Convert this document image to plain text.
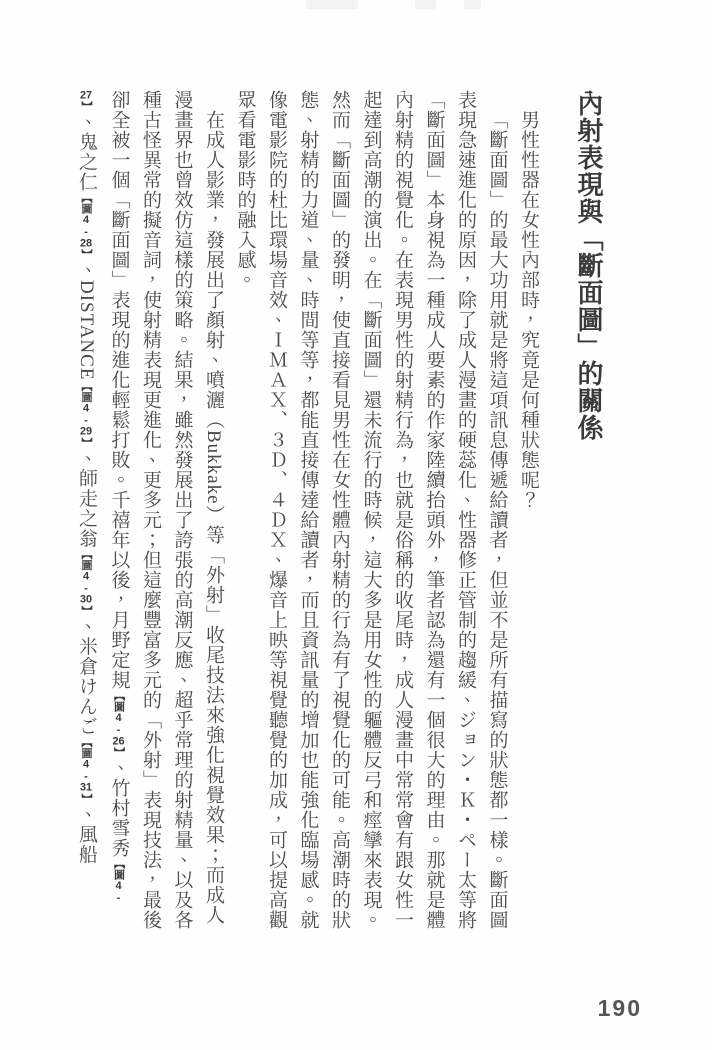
內射表現與「斷面圖」的關係

男性性器在女性內部時，究竟是何種狀態呢？

「斷面圖」的最大功用就是將這項訊息傳遞給讀者，但並不是所有描寫的狀態都一樣。斷面圖表現急速進化的原因，除了成人漫畫的硬蕊化、性器修正管制的趨緩、ジョン・Ｋ・ペー太等將「斷面圖」本身視為一種成人要素的作家陸續抬頭外，筆者認為還有一個很大的理由。那就是體內射精的視覺化。在表現男性的射精行為，也就是俗稱的收尾時，成人漫畫中常常會有跟女性一起達到高潮的演出。在「斷面圖」還未流行的時候，這大多是用女性的軀體反弓和痙攣來表現。然而「斷面圖」的發明，使直接看見男性在女性體內射精的行為有了視覺化的可能。高潮時的狀態、射精的力道、量、時間等等，都能直接傳達給讀者，而且資訊量的增加也能強化臨場感。就像電影院的杜比環場音效、ＩＭＡＸ、３Ｄ、４ＤＸ、爆音上映等視覺聽覺的加成，可以提高觀眾看電影時的融入感。

在成人影業，發展出了顏射、噴灑（Bukkake）等「外射」收尾技法來強化視覺效果；而成人漫畫界也曾效仿這樣的策略。結果，雖然發展出了誇張的高潮反應、超乎常理的射精量、以及各種古怪異常的擬音詞，使射精表現更進化、更多元；但這麼豐富多元的「外射」表現技法，最後卻全被一個「斷面圖」表現的進化輕鬆打敗。千禧年以後，月野定規【圖4-26】、竹村雪秀【圖4-27】、鬼之仁【圖4-28】、DISTANCE【圖4-29】、師走之翁【圖4-30】、米倉けんご【圖4-31】、風船

190
